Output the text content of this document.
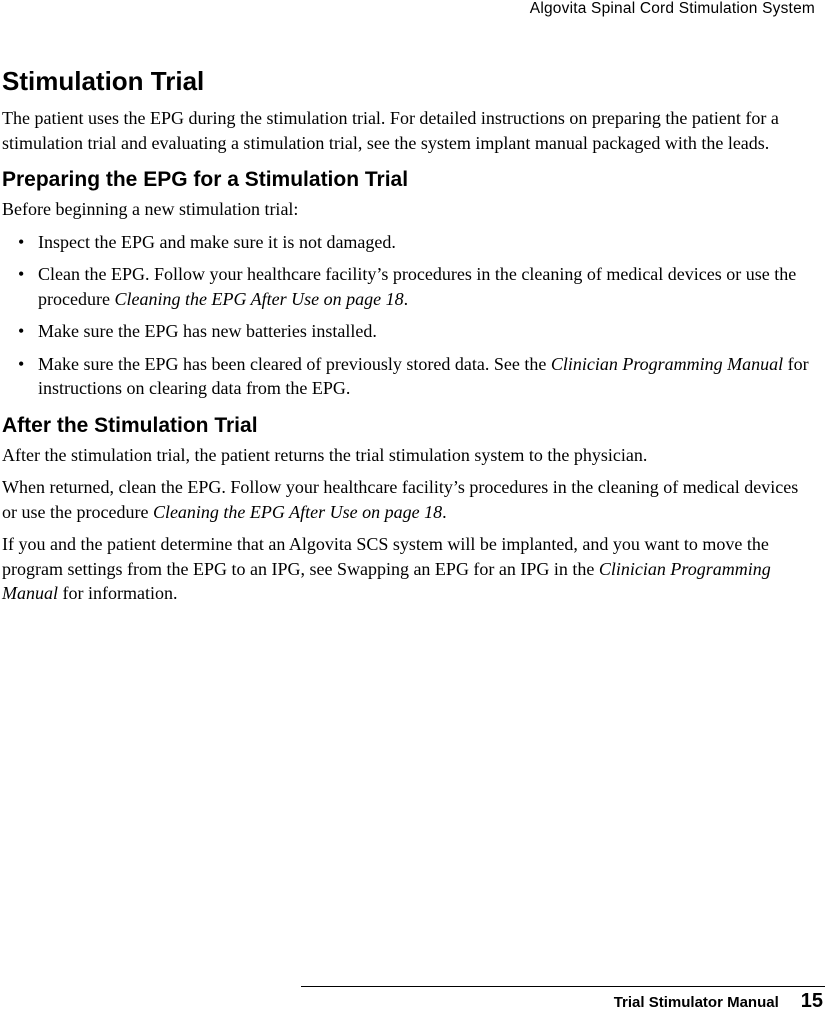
Algovita Spinal Cord Stimulation System
Stimulation Trial

The patient uses the EPG during the stimulation trial. For detailed instructions on preparing the patient for a stimulation trial and evaluating a stimulation trial, see the system implant manual packaged with the leads.

Preparing the EPG for a Stimulation Trial

Before beginning a new stimulation trial:

• Inspect the EPG and make sure it is not damaged.
• Clean the EPG. Follow your healthcare facility’s procedures in the cleaning of medical devices or use the procedure Cleaning the EPG After Use on page 18.
• Make sure the EPG has new batteries installed.
• Make sure the EPG has been cleared of previously stored data. See the Clinician Programming Manual for instructions on clearing data from the EPG.
After the Stimulation Trial

After the stimulation trial, the patient returns the trial stimulation system to the physician.

When returned, clean the EPG. Follow your healthcare facility’s procedures in the cleaning of medical devices or use the procedure Cleaning the EPG After Use on page 18.

If you and the patient determine that an Algovita SCS system will be implanted, and you want to move the program settings from the EPG to an IPG, see Swapping an EPG for an IPG in the Clinician Programming Manual for information.

Trial Stimulator Manual 15
